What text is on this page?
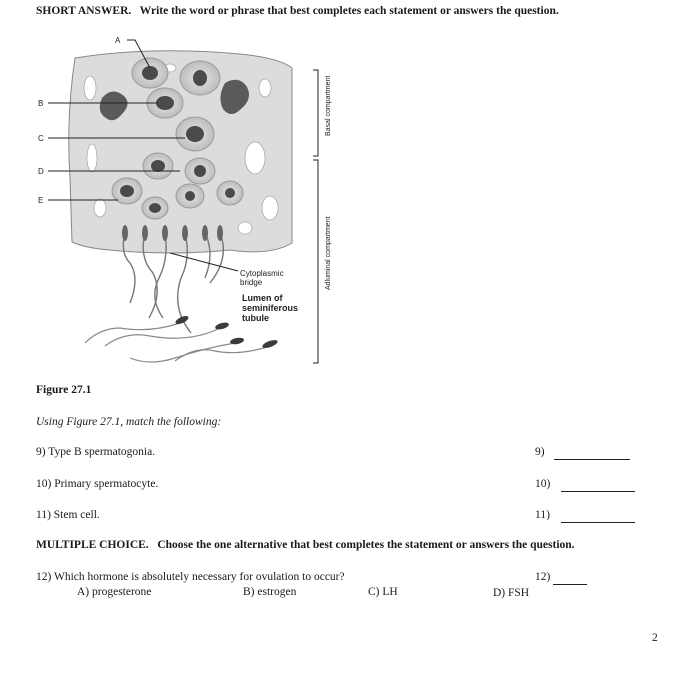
SHORT ANSWER. Write the word or phrase that best completes each statement or answers the question.
A
B
C
D
E
Cytoplasmic
bridge
Lumen of
seminiferous
tubule
Basal compartment
Adluminal compartment
Figure 27.1
Using Figure 27.1, match the following:
9) Type B spermatogonia.	9)
10) Primary spermatocyte.	10)
11) Stem cell.	11)
MULTIPLE CHOICE. Choose the one alternative that best completes the statement or answers the question.
12) Which hormone is absolutely necessary for ovulation to occur?	12)
A) progesterone	B) estrogen	C) LH	D) FSH
2
